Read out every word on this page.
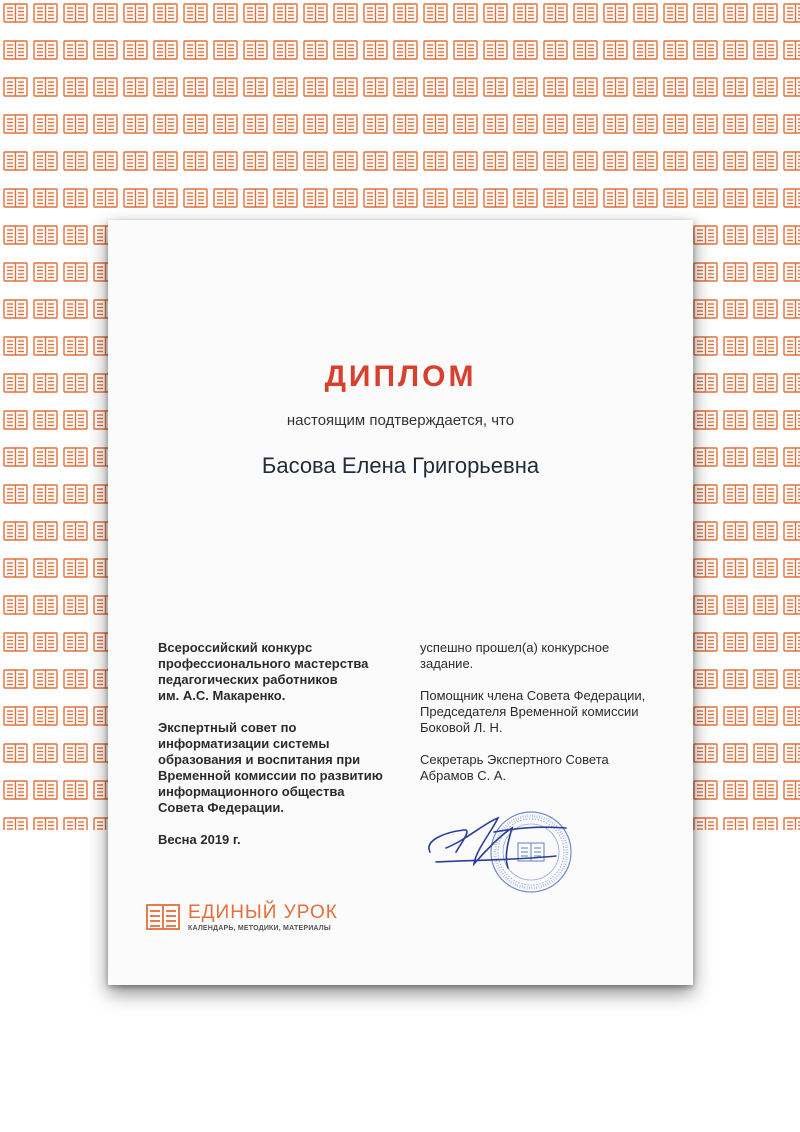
ДИПЛОМ
настоящим подтверждается, что
Басова Елена Григорьевна

Всероссийский конкурс
профессионального мастерства
педагогических работников
им. А.С. Макаренко.

Экспертный совет по
информатизации системы
образования и воспитания при
Временной комиссии по развитию
информационного общества
Совета Федерации.

Весна 2019 г.

успешно прошел(а) конкурсное
задание.

Помощник члена Совета Федерации,
Председателя Временной комиссии
Боковой Л. Н.

Секретарь Экспертного Совета
Абрамов С. А.

ЕДИНЫЙ УРОК
КАЛЕНДАРЬ, МЕТОДИКИ, МАТЕРИАЛЫ
